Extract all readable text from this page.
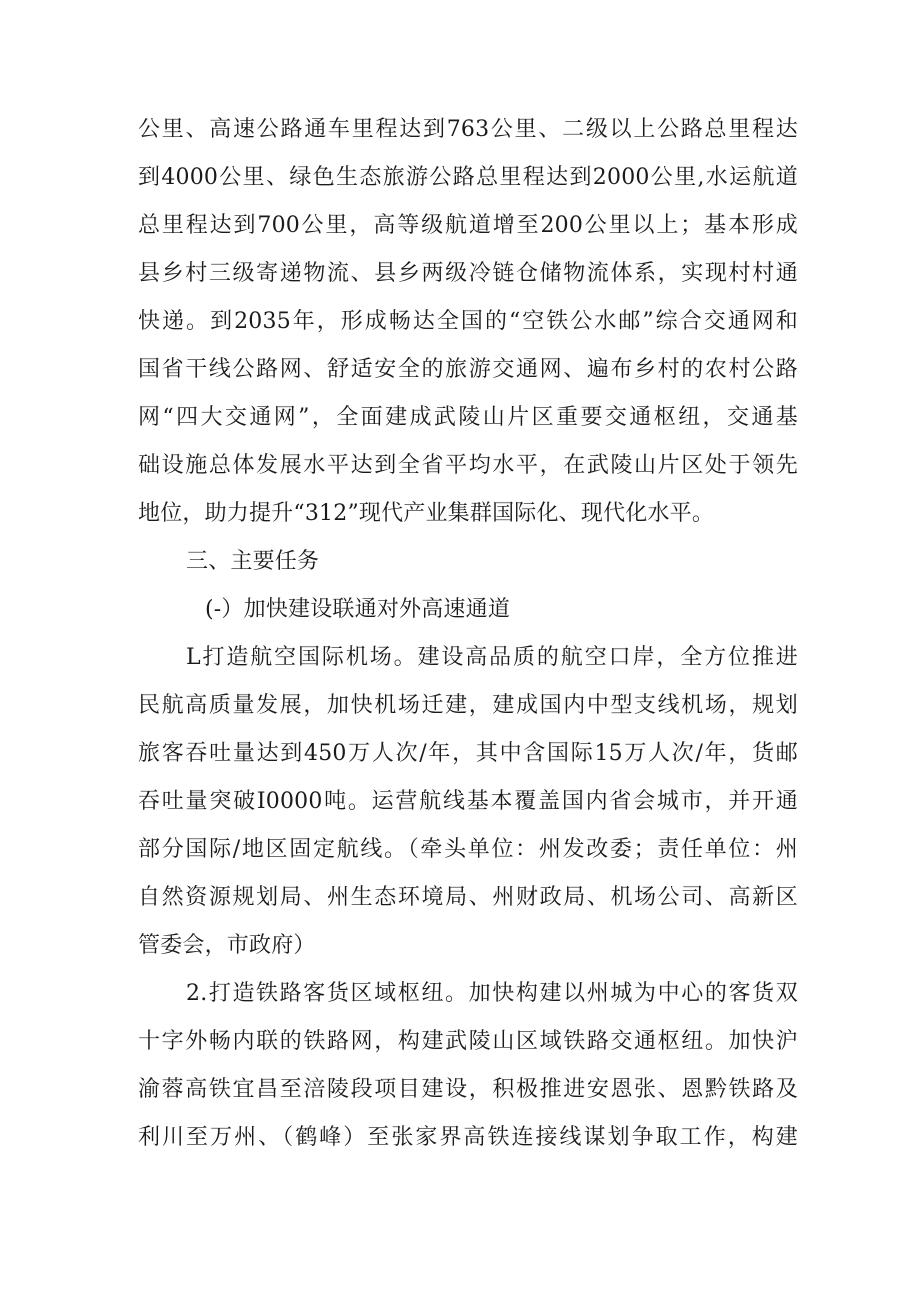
公里、高速公路通车里程达到763公里、二级以上公路总里程达
到4000公里、绿色生态旅游公路总里程达到2000公里,水运航道
总里程达到700公里，高等级航道增至200公里以上；基本形成
县乡村三级寄递物流、县乡两级冷链仓储物流体系，实现村村通
快递。到2035年，形成畅达全国的“空铁公水邮”综合交通网和
国省干线公路网、舒适安全的旅游交通网、遍布乡村的农村公路
网“四大交通网”，全面建成武陵山片区重要交通枢纽，交通基
础设施总体发展水平达到全省平均水平，在武陵山片区处于领先
地位，助力提升“312”现代产业集群国际化、现代化水平。
三、主要任务
(-）加快建设联通对外高速通道
L打造航空国际机场。建设高品质的航空口岸，全方位推进
民航高质量发展，加快机场迁建，建成国内中型支线机场，规划
旅客吞吐量达到450万人次/年，其中含国际15万人次/年，货邮
吞吐量突破I0000吨。运营航线基本覆盖国内省会城市，并开通
部分国际/地区固定航线。（牵头单位：州发改委；责任单位：州
自然资源规划局、州生态环境局、州财政局、机场公司、高新区
管委会，市政府）
2.打造铁路客货区域枢纽。加快构建以州城为中心的客货双
十字外畅内联的铁路网，构建武陵山区域铁路交通枢纽。加快沪
渝蓉高铁宜昌至涪陵段项目建设，积极推进安恩张、恩黔铁路及
利川至万州、（鹤峰）至张家界高铁连接线谋划争取工作，构建
